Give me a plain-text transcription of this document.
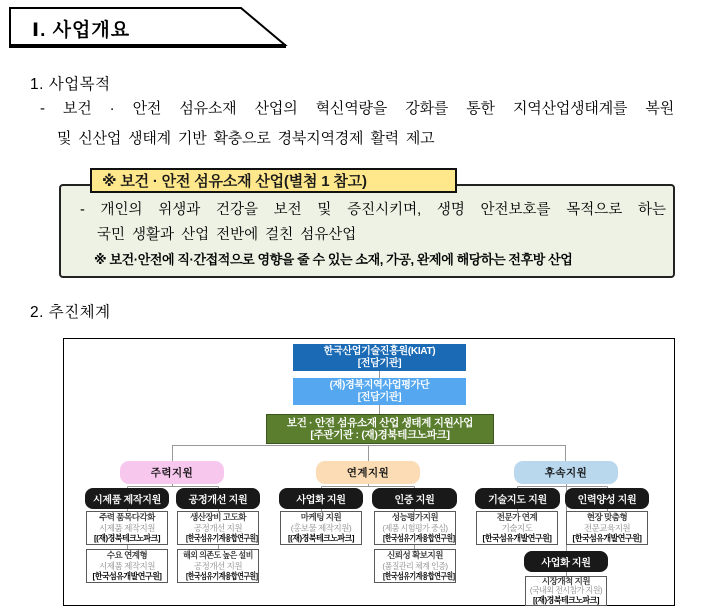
Ⅰ. 사업개요
1. 사업목적
- 보건 · 안전 섬유소재 산업의 혁신역량을 강화를 통한 지역산업생태계를 복원
및 신산업 생태계 기반 확충으로 경북지역경제 활력 제고
※ 보건 · 안전 섬유소재 산업(별첨 1 참고)
- 개인의 위생과 건강을 보전 및 증진시키며, 생명 안전보호를 목적으로 하는
국민 생활과 산업 전반에 걸친 섬유산업
※ 보건·안전에 직·간접적으로 영향을 줄 수 있는 소재, 가공, 완제에 해당하는 전후방 산업
2. 추진체계
한국산업기술진흥원(KIAT)
[전담기관]
(재)경북지역사업평가단
[전담기관]
보건 · 안전 섬유소재 산업 생태계 지원사업
[주관기관 : (재)경북테크노파크]
주력지원	연계지원	후속지원
시제품 제작지원	공정개선 지원	사업화 지원	인증 지원	기술지도 지원	인력양성 지원
사업화 지원
주력 품목다각화
시제품 제작지원
[(재)경북테크노파크]
수요 연계형
시제품 제작지원
[한국섬유개발연구원]
생산장비 고도화
공정개선 지원
[한국섬유기계융합연구원]
해외 의존도 높은 설비
공정개선 지원
[한국섬유기계융합연구원]
마케팅 지원
(홍보물 제작지원)
[(재)경북테크노파크]
성능평가지원
(제품 시험평가 중심)
[한국섬유기계융합연구원]
신뢰성 확보지원
(품질관리 체계 인증)
[한국섬유기계융합연구원]
전문가 연계
기술지도
[한국섬유개발연구원]
현장 맞춤형
전문교육지원
[한국섬유개발연구원]
시장개척 지원
(국내외 전시참가 지원)
[(재)경북테크노파크]
